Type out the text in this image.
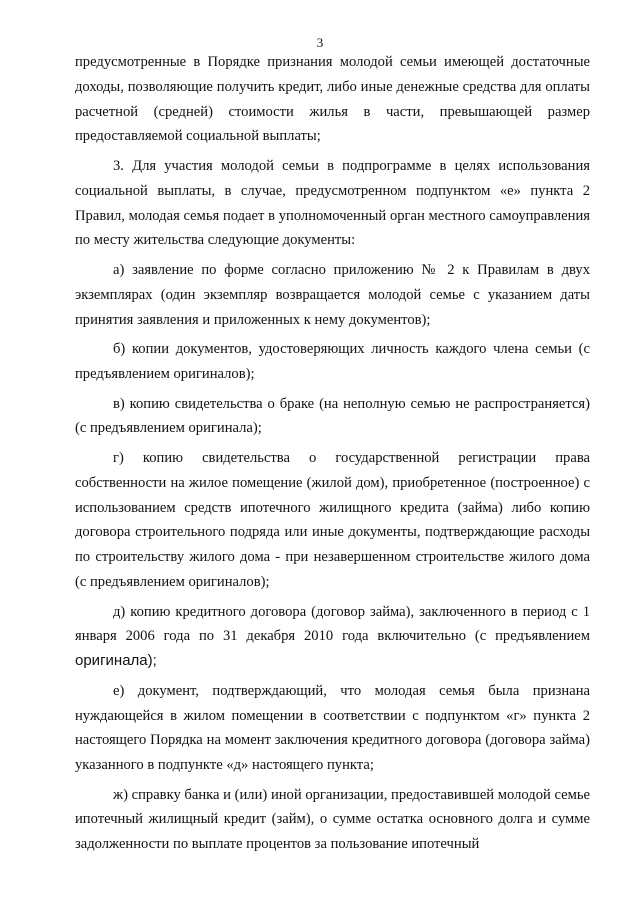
3

предусмотренные в Порядке признания молодой семьи имеющей достаточные доходы, позволяющие получить кредит, либо иные денежные средства для оплаты расчетной (средней) стоимости жилья в части, превышающей размер предоставляемой социальной выплаты;

3. Для участия молодой семьи в подпрограмме в целях использования социальной выплаты, в случае, предусмотренном подпунктом «е» пункта 2 Правил, молодая семья подает в уполномоченный орган местного самоуправления по месту жительства следующие документы:

а) заявление по форме согласно приложению № 2 к Правилам в двух экземплярах (один экземпляр возвращается молодой семье с указанием даты принятия заявления и приложенных к нему документов);

б) копии документов, удостоверяющих личность каждого члена семьи (с предъявлением оригиналов);

в) копию свидетельства о браке (на неполную семью не распространяется) (с предъявлением оригинала);

г) копию свидетельства о государственной регистрации права собственности на жилое помещение (жилой дом), приобретенное (построенное) с использованием средств ипотечного жилищного кредита (займа) либо копию договора строительного подряда или иные документы, подтверждающие расходы по строительству жилого дома - при незавершенном строительстве жилого дома (с предъявлением оригиналов);

д) копию кредитного договора (договор займа), заключенного в период с 1 января 2006 года по 31 декабря 2010 года включительно (с предъявлением оригинала);

е) документ, подтверждающий, что молодая семья была признана нуждающейся в жилом помещении в соответствии с подпунктом «г» пункта 2 настоящего Порядка на момент заключения кредитного договора (договора займа) указанного в подпункте «д» настоящего пункта;

ж) справку банка и (или) иной организации, предоставившей молодой семье ипотечный жилищный кредит (займ), о сумме остатка основного долга и сумме задолженности по выплате процентов за пользование ипотечный
